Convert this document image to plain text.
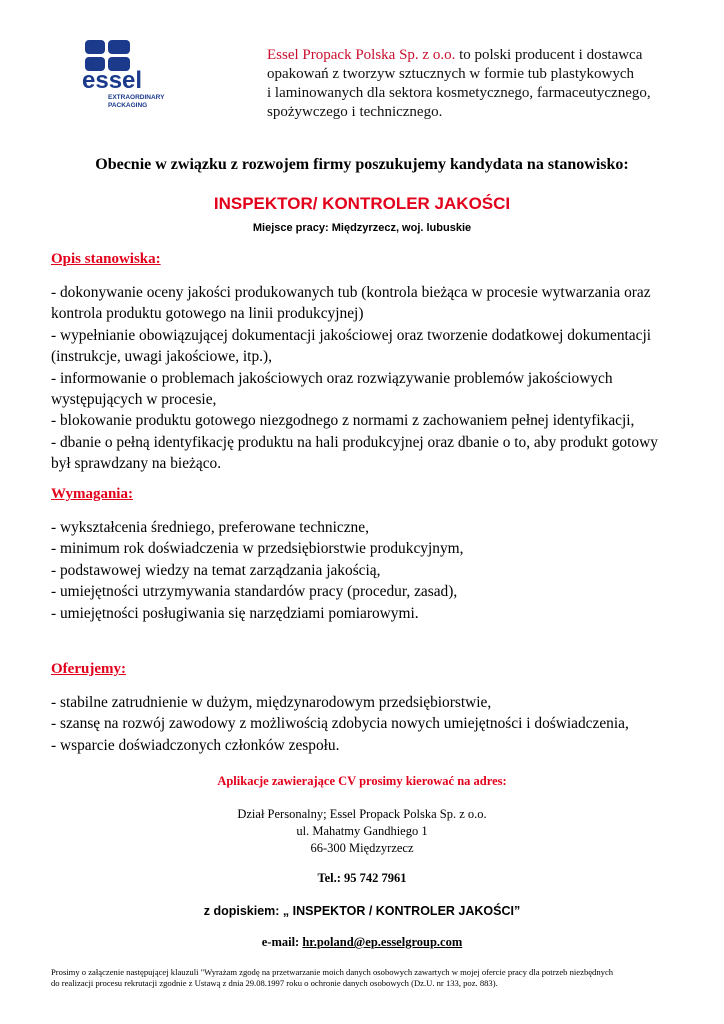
essel
EXTRAORDINARY
PACKAGING
Essel Propack Polska Sp. z o.o. to polski producent i dostawca
opakowań z tworzyw sztucznych w formie tub plastykowych
i laminowanych dla sektora kosmetycznego, farmaceutycznego,
spożywczego i technicznego.
Obecnie w związku z rozwojem firmy poszukujemy kandydata na stanowisko:
INSPEKTOR/ KONTROLER JAKOŚCI
Miejsce pracy: Międzyrzecz, woj. lubuskie
Opis stanowiska:
- dokonywanie oceny jakości produkowanych tub (kontrola bieżąca w procesie wytwarzania oraz
kontrola produktu gotowego na linii produkcyjnej)
- wypełnianie obowiązującej dokumentacji jakościowej oraz tworzenie dodatkowej dokumentacji
(instrukcje, uwagi jakościowe, itp.),
- informowanie o problemach jakościowych oraz rozwiązywanie problemów jakościowych
występujących w procesie,
- blokowanie produktu gotowego niezgodnego z normami z zachowaniem pełnej identyfikacji,
- dbanie o pełną identyfikację produktu na hali produkcyjnej oraz dbanie o to, aby produkt gotowy
był sprawdzany na bieżąco.
Wymagania:
- wykształcenia średniego, preferowane techniczne,
- minimum rok doświadczenia w przedsiębiorstwie produkcyjnym,
- podstawowej wiedzy na temat zarządzania jakością,
- umiejętności utrzymywania standardów pracy (procedur, zasad),
- umiejętności posługiwania się narzędziami pomiarowymi.
Oferujemy:
- stabilne zatrudnienie w dużym, międzynarodowym przedsiębiorstwie,
- szansę na rozwój zawodowy z możliwością zdobycia nowych umiejętności i doświadczenia,
- wsparcie doświadczonych członków zespołu.
Aplikacje zawierające CV prosimy kierować na adres:
Dział Personalny; Essel Propack Polska Sp. z o.o.
ul. Mahatmy Gandhiego 1
66-300 Międzyrzecz
Tel.: 95 742 7961
z dopiskiem: „ INSPEKTOR / KONTROLER JAKOŚCI”
e-mail: hr.poland@ep.esselgroup.com
Prosimy o załączenie następującej klauzuli "Wyrażam zgodę na przetwarzanie moich danych osobowych zawartych w mojej ofercie pracy dla potrzeb niezbędnych
do realizacji procesu rekrutacji zgodnie z Ustawą z dnia 29.08.1997 roku o ochronie danych osobowych (Dz.U. nr 133, poz. 883).
